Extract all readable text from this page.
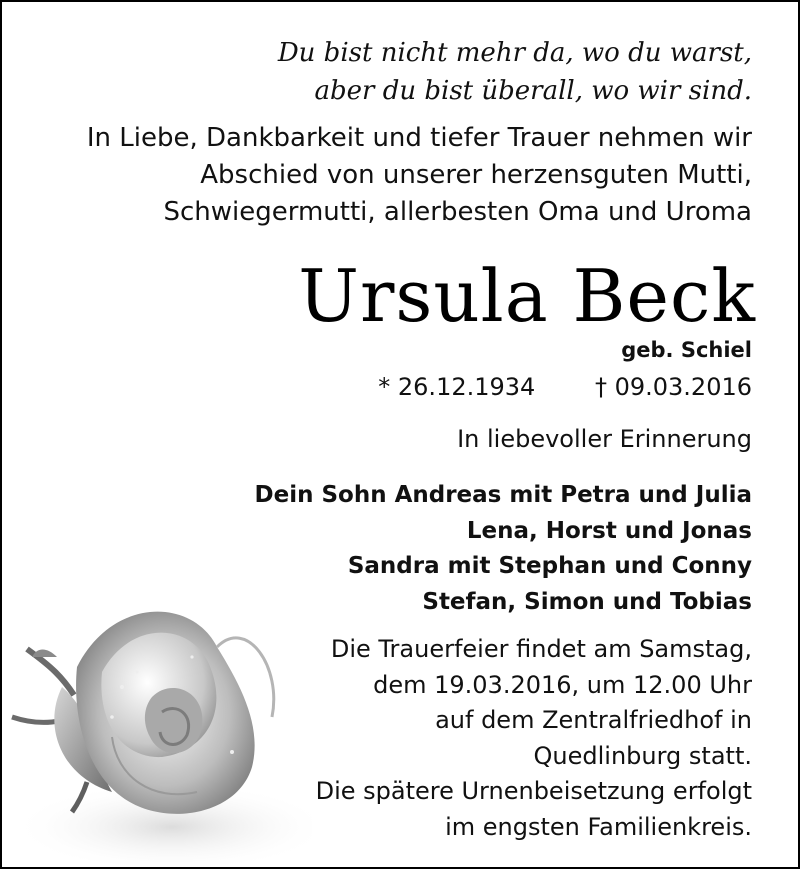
Du bist nicht mehr da, wo du warst,
aber du bist überall, wo wir sind.
In Liebe, Dankbarkeit und tiefer Trauer nehmen wir
Abschied von unserer herzensguten Mutti,
Schwiegermutti, allerbesten Oma und Uroma
Ursula Beck
geb. Schiel
* 26.12.1934 † 09.03.2016
In liebevoller Erinnerung
Dein Sohn Andreas mit Petra und Julia
Lena, Horst und Jonas
Sandra mit Stephan und Conny
Stefan, Simon und Tobias
Die Trauerfeier findet am Samstag,
dem 19.03.2016, um 12.00 Uhr
auf dem Zentralfriedhof in
Quedlinburg statt.
Die spätere Urnenbeisetzung erfolgt
im engsten Familienkreis.
